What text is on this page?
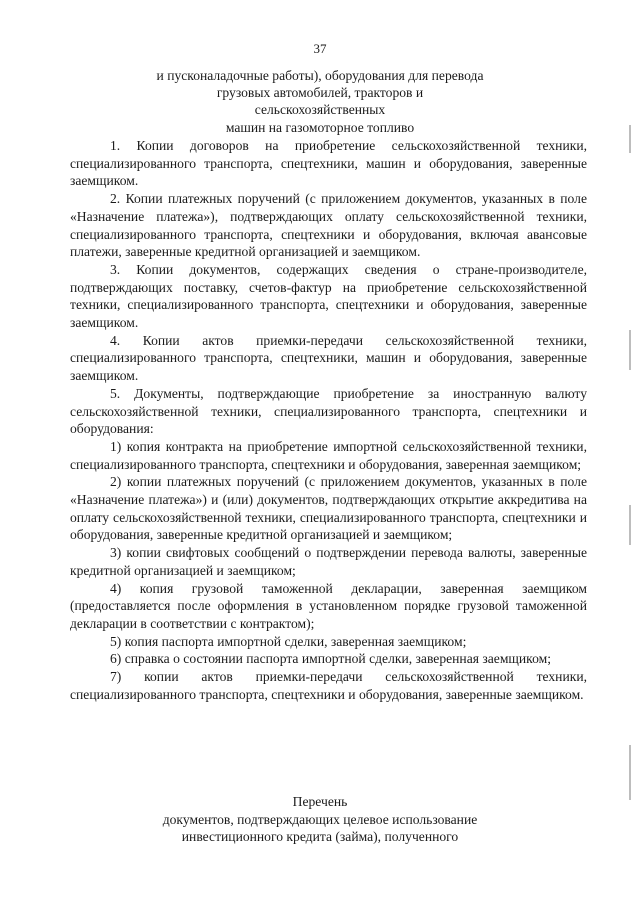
37
и пусконаладочные работы), оборудования для перевода
грузовых автомобилей, тракторов и сельскохозяйственных
машин на газомоторное топливо

1. Копии договоров на приобретение сельскохозяйственной техники, специализированного транспорта, спецтехники, машин и оборудования, заверенные заемщиком.

2. Копии платежных поручений (с приложением документов, указанных в поле «Назначение платежа»), подтверждающих оплату сельскохозяйственной техники, специализированного транспорта, спецтехники и оборудования, включая авансовые платежи, заверенные кредитной организацией и заемщиком.

3. Копии документов, содержащих сведения о стране-производителе, подтверждающих поставку, счетов-фактур на приобретение сельскохозяйственной техники, специализированного транспорта, спецтехники и оборудования, заверенные заемщиком.

4. Копии актов приемки-передачи сельскохозяйственной техники, специализированного транспорта, спецтехники, машин и оборудования, заверенные заемщиком.

5. Документы, подтверждающие приобретение за иностранную валюту сельскохозяйственной техники, специализированного транспорта, спецтехники и оборудования:

1) копия контракта на приобретение импортной сельскохозяйственной техники, специализированного транспорта, спецтехники и оборудования, заверенная заемщиком;

2) копии платежных поручений (с приложением документов, указанных в поле «Назначение платежа») и (или) документов, подтверждающих открытие аккредитива на оплату сельскохозяйственной техники, специализированного транспорта, спецтехники и оборудования, заверенные кредитной организацией и заемщиком;

3) копии свифтовых сообщений о подтверждении перевода валюты, заверенные кредитной организацией и заемщиком;

4) копия грузовой таможенной декларации, заверенная заемщиком (предоставляется после оформления в установленном порядке грузовой таможенной декларации в соответствии с контрактом);

5) копия паспорта импортной сделки, заверенная заемщиком;

6) справка о состоянии паспорта импортной сделки, заверенная заемщиком;

7) копии актов приемки-передачи сельскохозяйственной техники, специализированного транспорта, спецтехники и оборудования, заверенные заемщиком.

Перечень
документов, подтверждающих целевое использование
инвестиционного кредита (займа), полученного
